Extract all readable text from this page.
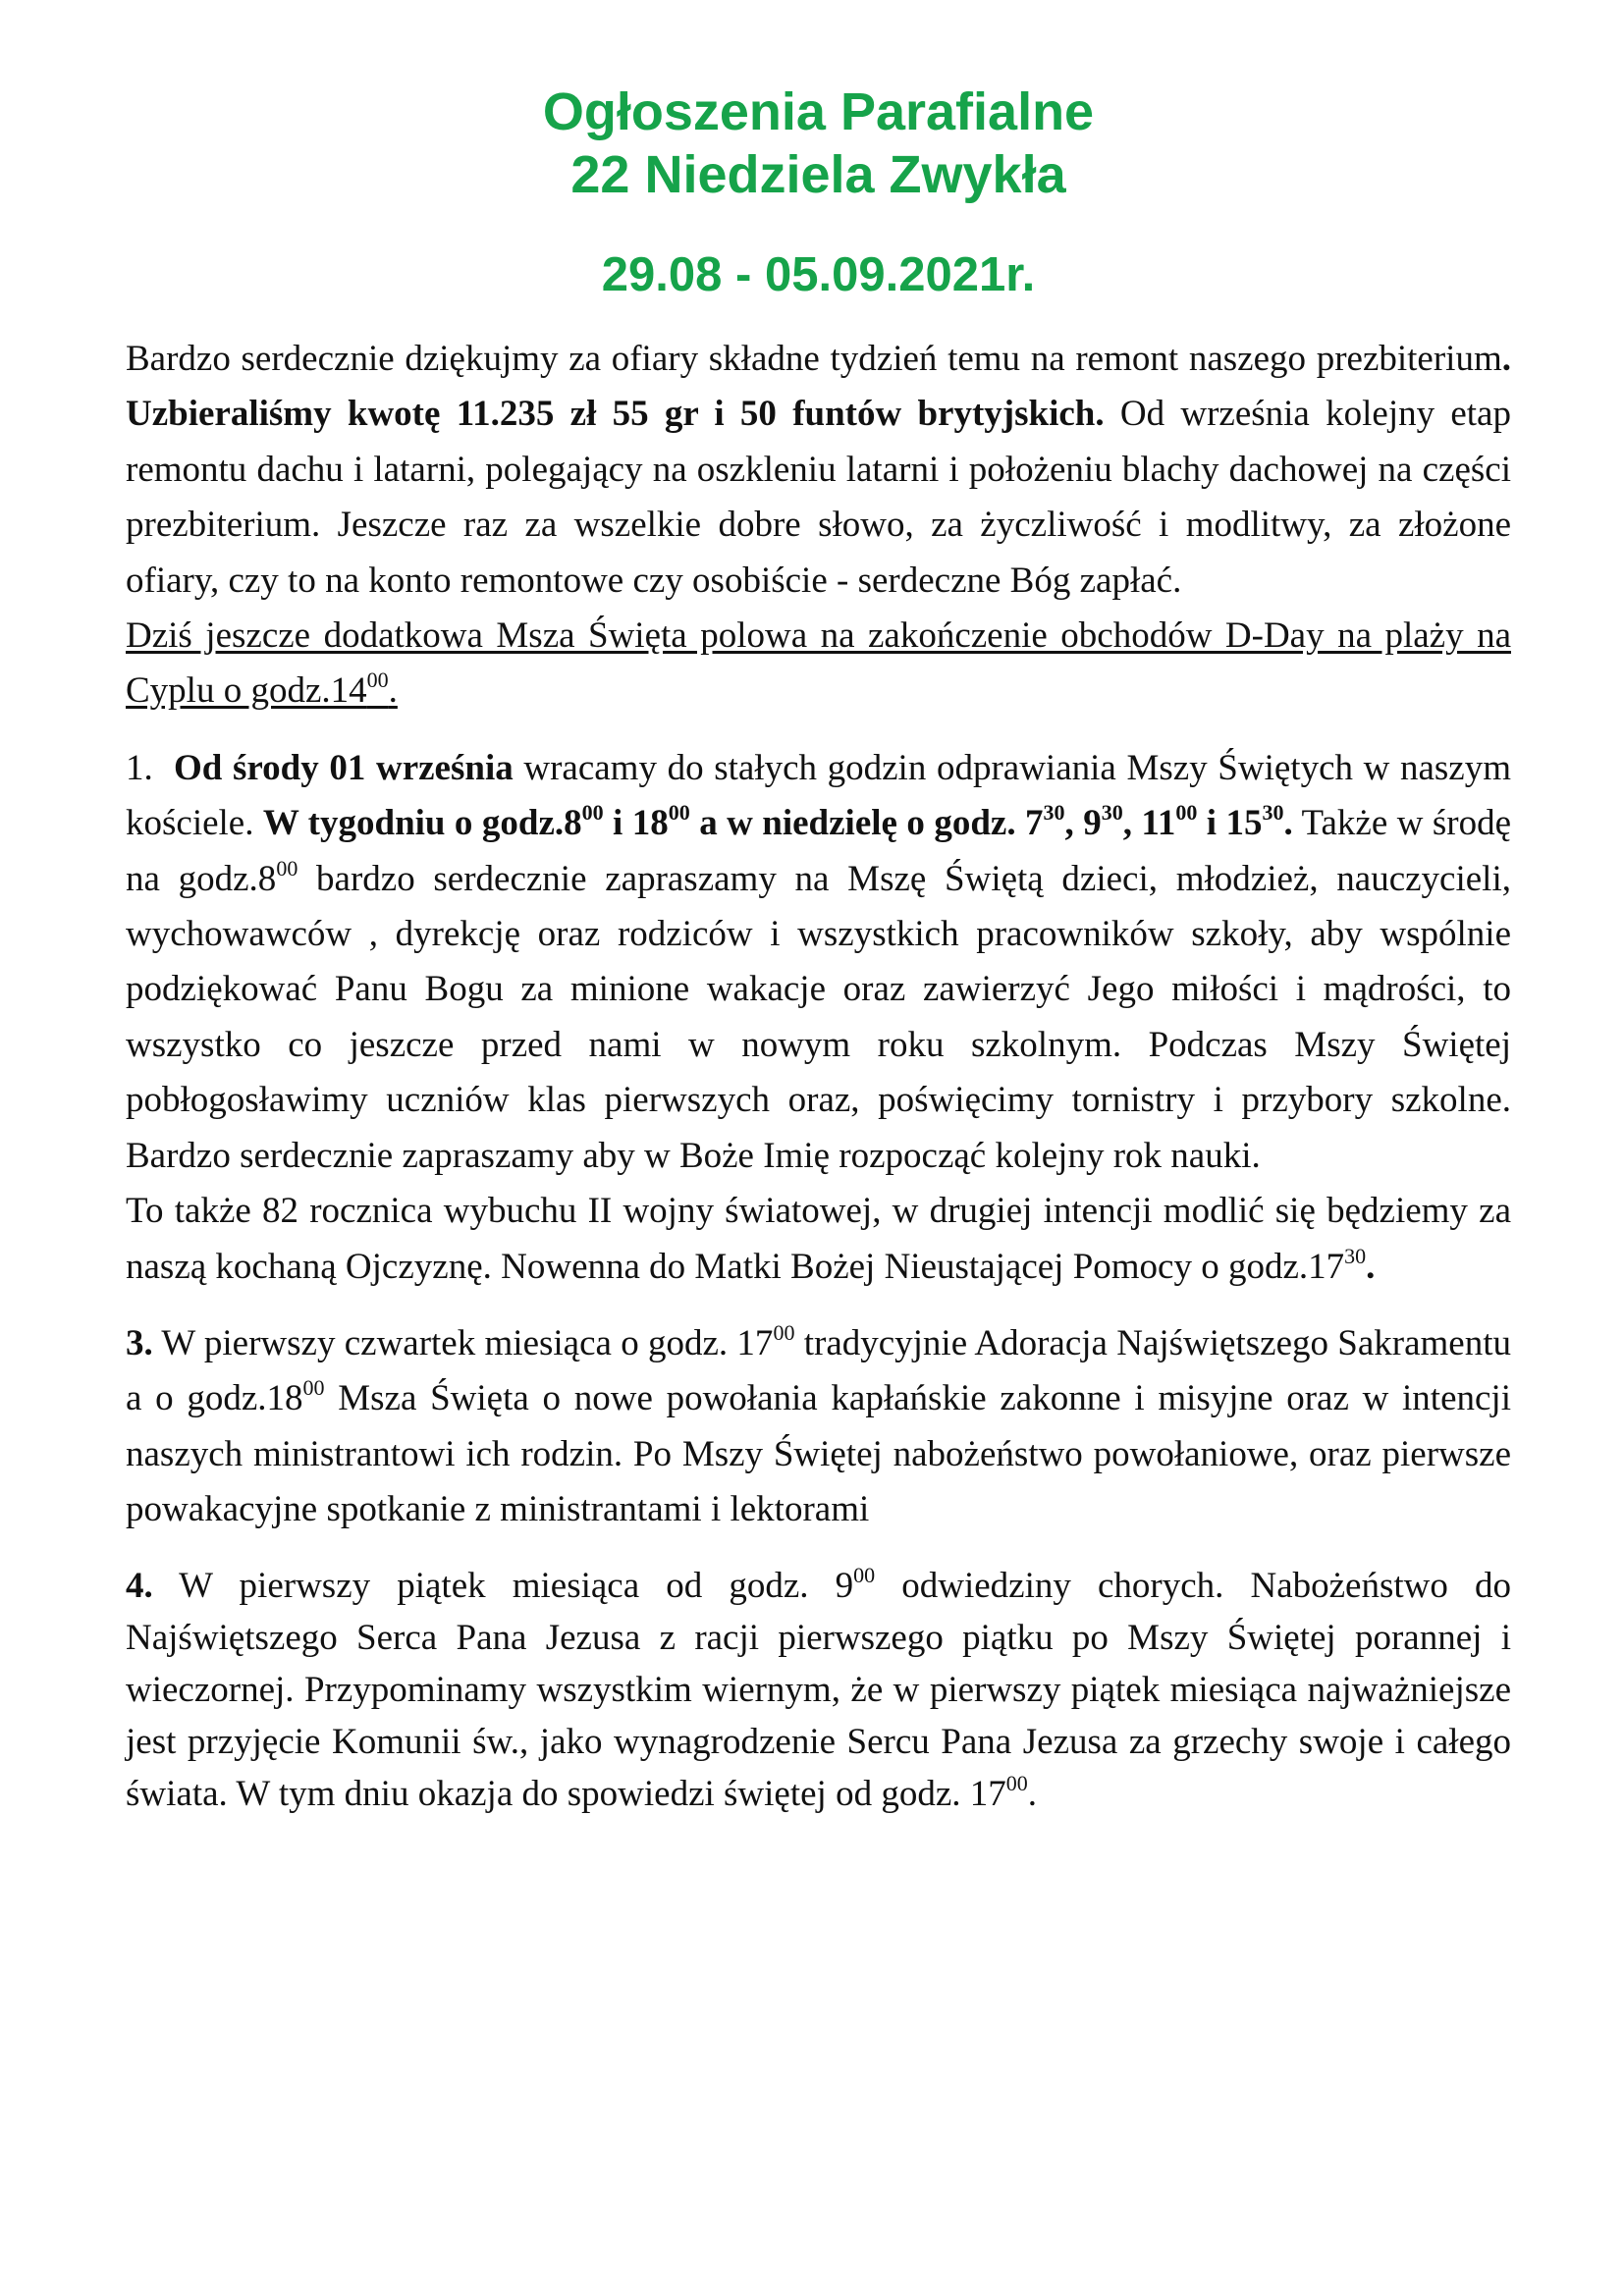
Ogłoszenia Parafialne
22 Niedziela Zwykła
29.08 - 05.09.2021r.

Bardzo serdecznie dziękujmy za ofiary składne tydzień temu na remont naszego prezbiterium. Uzbieraliśmy kwotę 11.235 zł 55 gr i 50 funtów brytyjskich. Od września kolejny etap remontu dachu i latarni, polegający na oszkleniu latarni i położeniu blachy dachowej na części prezbiterium. Jeszcze raz za wszelkie dobre słowo, za życzliwość i modlitwy, za złożone ofiary, czy to na konto remontowe czy osobiście - serdeczne Bóg zapłać.

Dziś jeszcze dodatkowa Msza Święta polowa na zakończenie obchodów D-Day na plaży na Cyplu o $godz.14^{00}$.

1. Od środy 01 września wracamy do stałych godzin odprawiania Mszy Świętych w naszym kościele. W tygodniu o $godz.8^{00}$ i $18^{00}$ a w niedzielę o godz. $7^{30}$, $9^{30}$, $11^{00}$ i $15^{30}$. Także w środę na $godz.8^{00}$ bardzo serdecznie zapraszamy na Mszę Świętą dzieci, młodzież, nauczycieli, wychowawców , dyrekcję oraz rodziców i wszystkich pracowników szkoły, aby wspólnie podziękować Panu Bogu za minione wakacje oraz zawierzyć Jego miłości i mądrości, to wszystko co jeszcze przed nami w nowym roku szkolnym. Podczas Mszy Świętej pobłogosławimy uczniów klas pierwszych oraz, poświęcimy tornistry i przybory szkolne. Bardzo serdecznie zapraszamy aby w Boże Imię rozpocząć kolejny rok nauki.

To także 82 rocznica wybuchu II wojny światowej, w drugiej intencji modlić się będziemy za naszą kochaną Ojczyznę. Nowenna do Matki Bożej Nieustającej Pomocy o $godz.17^{30}$.

3. W pierwszy czwartek miesiąca o godz. $17^{00}$ tradycyjnie Adoracja Najświętszego Sakramentu a o $godz.18^{00}$ Msza Święta o nowe powołania kapłańskie zakonne i misyjne oraz w intencji naszych ministrantowi ich rodzin. Po Mszy Świętej nabożeństwo powołaniowe, oraz pierwsze powakacyjne spotkanie z ministrantami i lektorami

4. W pierwszy piątek miesiąca od godz. $9^{00}$ odwiedziny chorych. Nabożeństwo do Najświętszego Serca Pana Jezusa z racji pierwszego piątku po Mszy Świętej porannej i wieczornej. Przypominamy wszystkim wiernym, że w pierwszy piątek miesiąca najważniejsze jest przyjęcie Komunii św., jako wynagrodzenie Sercu Pana Jezusa za grzechy swoje i całego świata. W tym dniu okazja do spowiedzi świętej od godz. $17^{00}$.
